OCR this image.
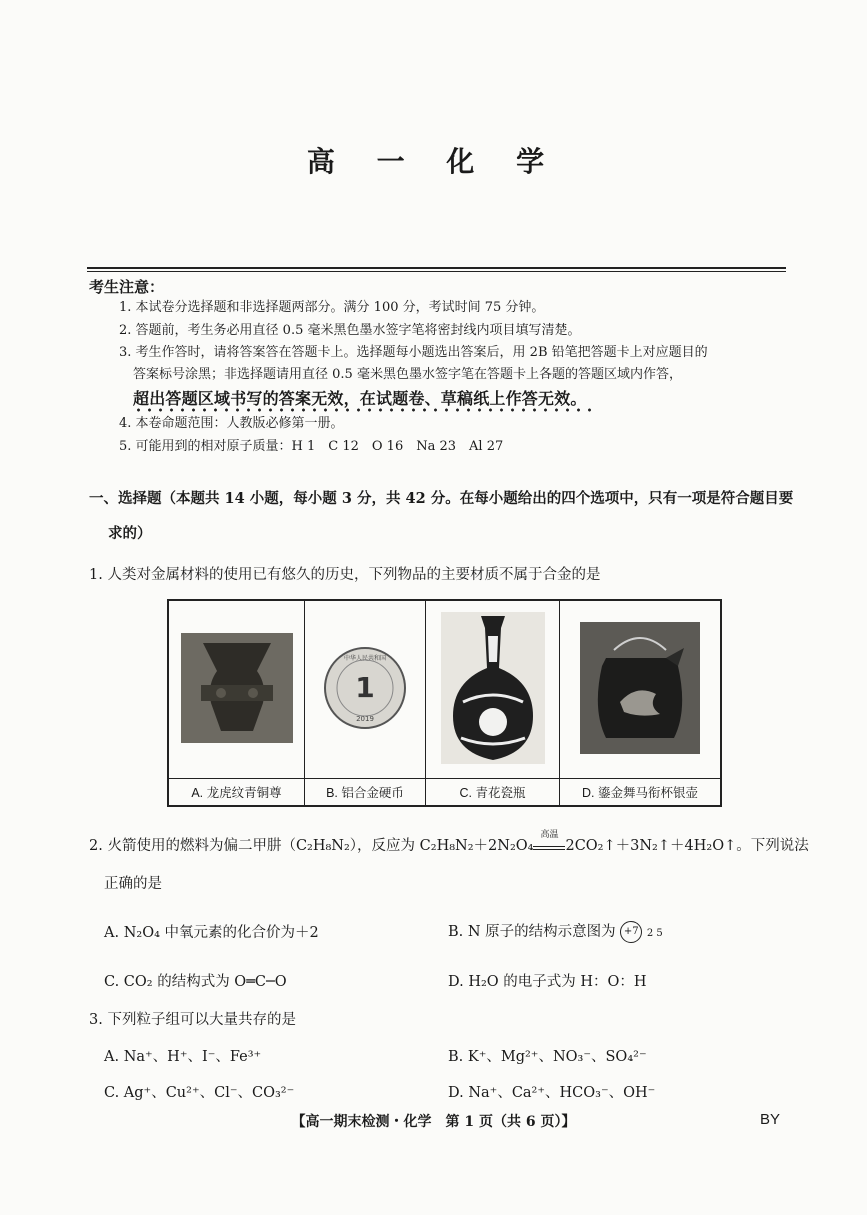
高 一 化 学
考生注意：
1. 本试卷分选择题和非选择题两部分。满分 100 分，考试时间 75 分钟。
2. 答题前，考生务必用直径 0.5 毫米黑色墨水签字笔将密封线内项目填写清楚。
3. 考生作答时，请将答案答在答题卡上。选择题每小题选出答案后，用 2B 铅笔把答题卡上对应题目的
答案标号涂黑；非选择题请用直径 0.5 毫米黑色墨水签字笔在答题卡上各题的答题区域内作答，
超出答题区域书写的答案无效，在试题卷、草稿纸上作答无效。
4. 本卷命题范围：人教版必修第一册。
5. 可能用到的相对原子质量：H 1　C 12　O 16　Na 23　Al 27
一、选择题（本题共 14 小题，每小题 3 分，共 42 分。在每小题给出的四个选项中，只有一项是符合题目要
求的）
1. 人类对金属材料的使用已有悠久的历史，下列物品的主要材质不属于合金的是

1
2019
中华人民共和国

A. 龙虎纹青铜尊	B. 铝合金硬币	C. 青花瓷瓶	D. 鎏金舞马衔杯银壶
2. 火箭使用的燃料为偏二甲肼（C₂H₈N₂），反应为 C₂H₈N₂＋2N₂O₄
高温
2CO₂↑＋3N₂↑＋4H₂O↑。下列说法
正确的是
A. N₂O₄ 中氧元素的化合价为＋2	B. N 原子的结构示意图为 +7 2 5
C. CO₂ 的结构式为 O═C─O	D. H₂O 的电子式为 H：O：H
3. 下列粒子组可以大量共存的是
A. Na⁺、H⁺、I⁻、Fe³⁺	B. K⁺、Mg²⁺、NO₃⁻、SO₄²⁻
C. Ag⁺、Cu²⁺、Cl⁻、CO₃²⁻	D. Na⁺、Ca²⁺、HCO₃⁻、OH⁻
【高一期末检测・化学　第 1 页（共 6 页）】	BY
